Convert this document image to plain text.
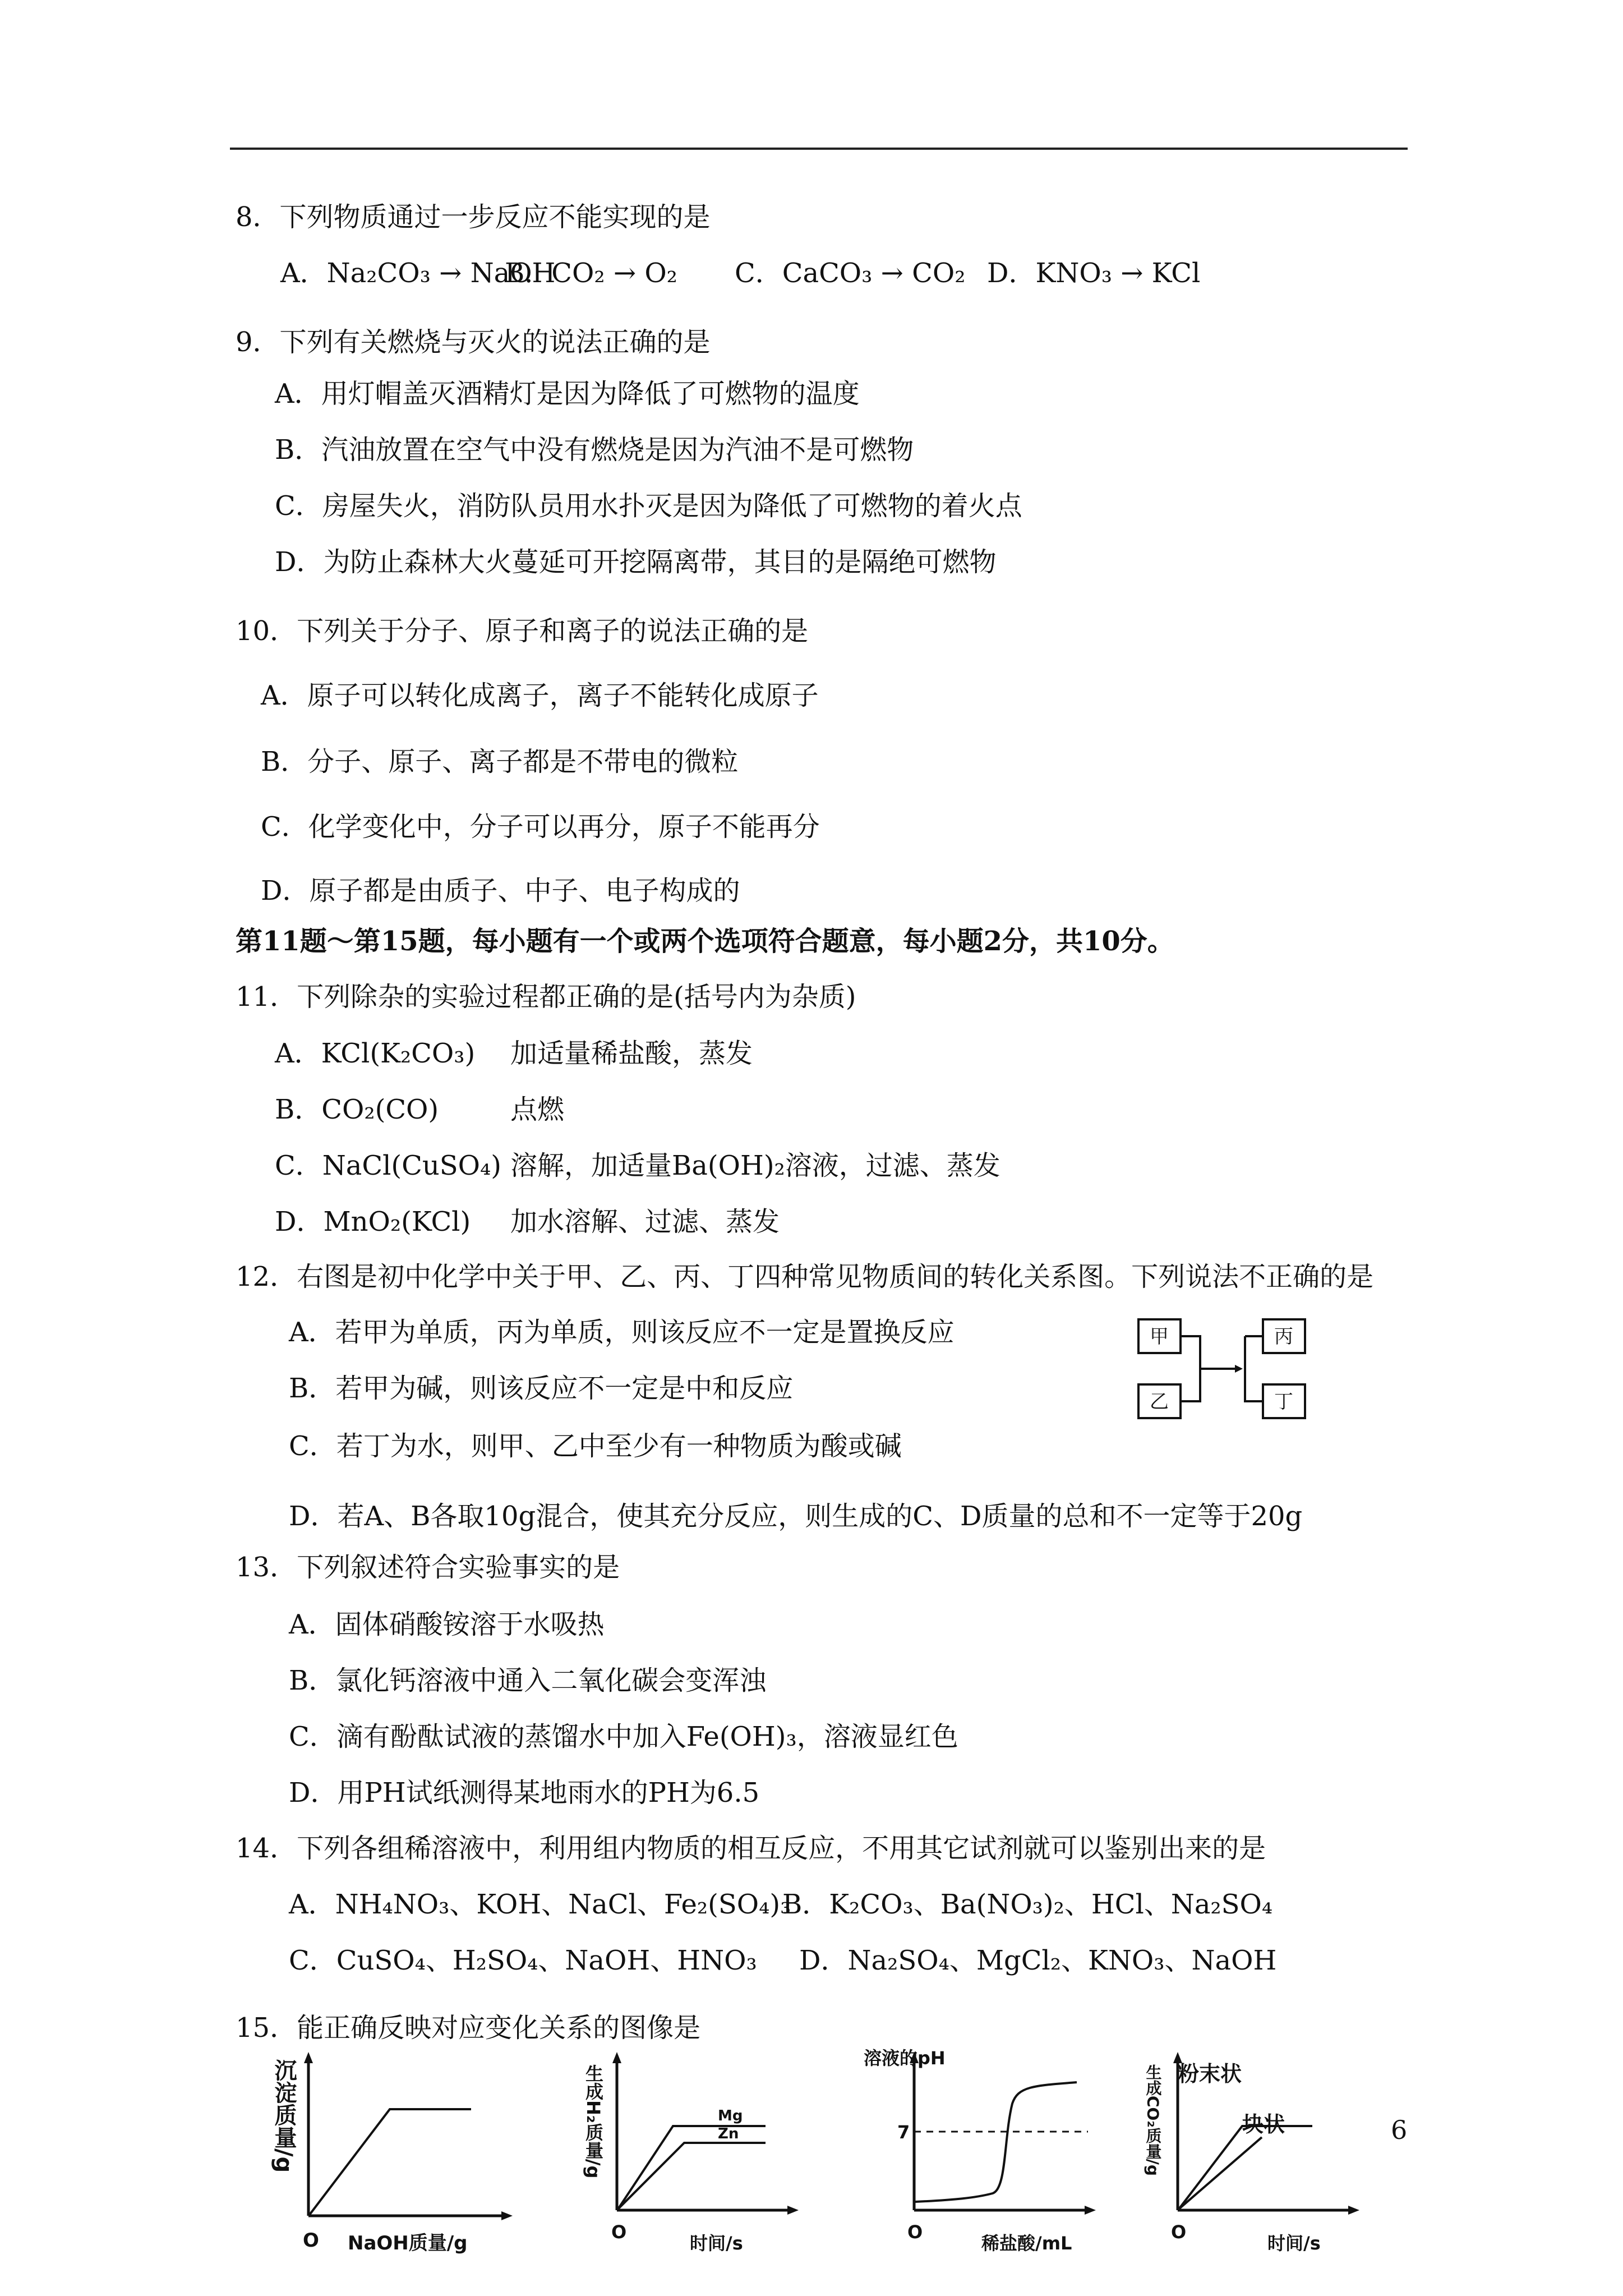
8．下列物质通过一步反应不能实现的是
A．Na₂CO₃ → NaOHB．CO₂ → O₂ C．CaCO₃ → CO₂ D．KNO₃ → KCl
9．下列有关燃烧与灭火的说法正确的是
A．用灯帽盖灭酒精灯是因为降低了可燃物的温度
B．汽油放置在空气中没有燃烧是因为汽油不是可燃物
C．房屋失火，消防队员用水扑灭是因为降低了可燃物的着火点
D．为防止森林大火蔓延可开挖隔离带，其目的是隔绝可燃物
10．下列关于分子、原子和离子的说法正确的是
A．原子可以转化成离子，离子不能转化成原子
B．分子、原子、离子都是不带电的微粒
C．化学变化中，分子可以再分，原子不能再分
D．原子都是由质子、中子、电子构成的
第11题～第15题，每小题有一个或两个选项符合题意，每小题2分，共10分。
11．下列除杂的实验过程都正确的是(括号内为杂质)
A．KCl(K₂CO₃) 加适量稀盐酸，蒸发
B．CO₂(CO)	点燃
C．NaCl(CuSO₄) 溶解，加适量Ba(OH)₂溶液，过滤、蒸发
D．MnO₂(KCl) 加水溶解、过滤、蒸发
12．右图是初中化学中关于甲、乙、丙、丁四种常见物质间的转化关系图。下列说法不正确的是
A．若甲为单质，丙为单质，则该反应不一定是置换反应
B．若甲为碱，则该反应不一定是中和反应
C．若丁为水，则甲、乙中至少有一种物质为酸或碱
D．若A、B各取10g混合，使其充分反应，则生成的C、D质量的总和不一定等于20g
甲
乙
丙
丁
13．下列叙述符合实验事实的是
A．固体硝酸铵溶于水吸热
B．氯化钙溶液中通入二氧化碳会变浑浊
C．滴有酚酞试液的蒸馏水中加入Fe(OH)₃，溶液显红色
D．用PH试纸测得某地雨水的PH为6.5
14．下列各组稀溶液中，利用组内物质的相互反应，不用其它试剂就可以鉴别出来的是
A．NH₄NO₃、KOH、NaCl、Fe₂(SO₄)₃B．K₂CO₃、Ba(NO₃)₂、HCl、Na₂SO₄
C．CuSO₄、H₂SO₄、NaOH、HNO₃ D．Na₂SO₄、MgCl₂、KNO₃、NaOH
15．能正确反映对应变化关系的图像是
沉淀质量/g
O NaOH质量/g
Mg
Zn
生成H₂质量/g
O
时间/s
溶液的pH
7
O
稀盐酸/mL
粉末状
块状
生成CO₂质量/g
O
时间/s
6
